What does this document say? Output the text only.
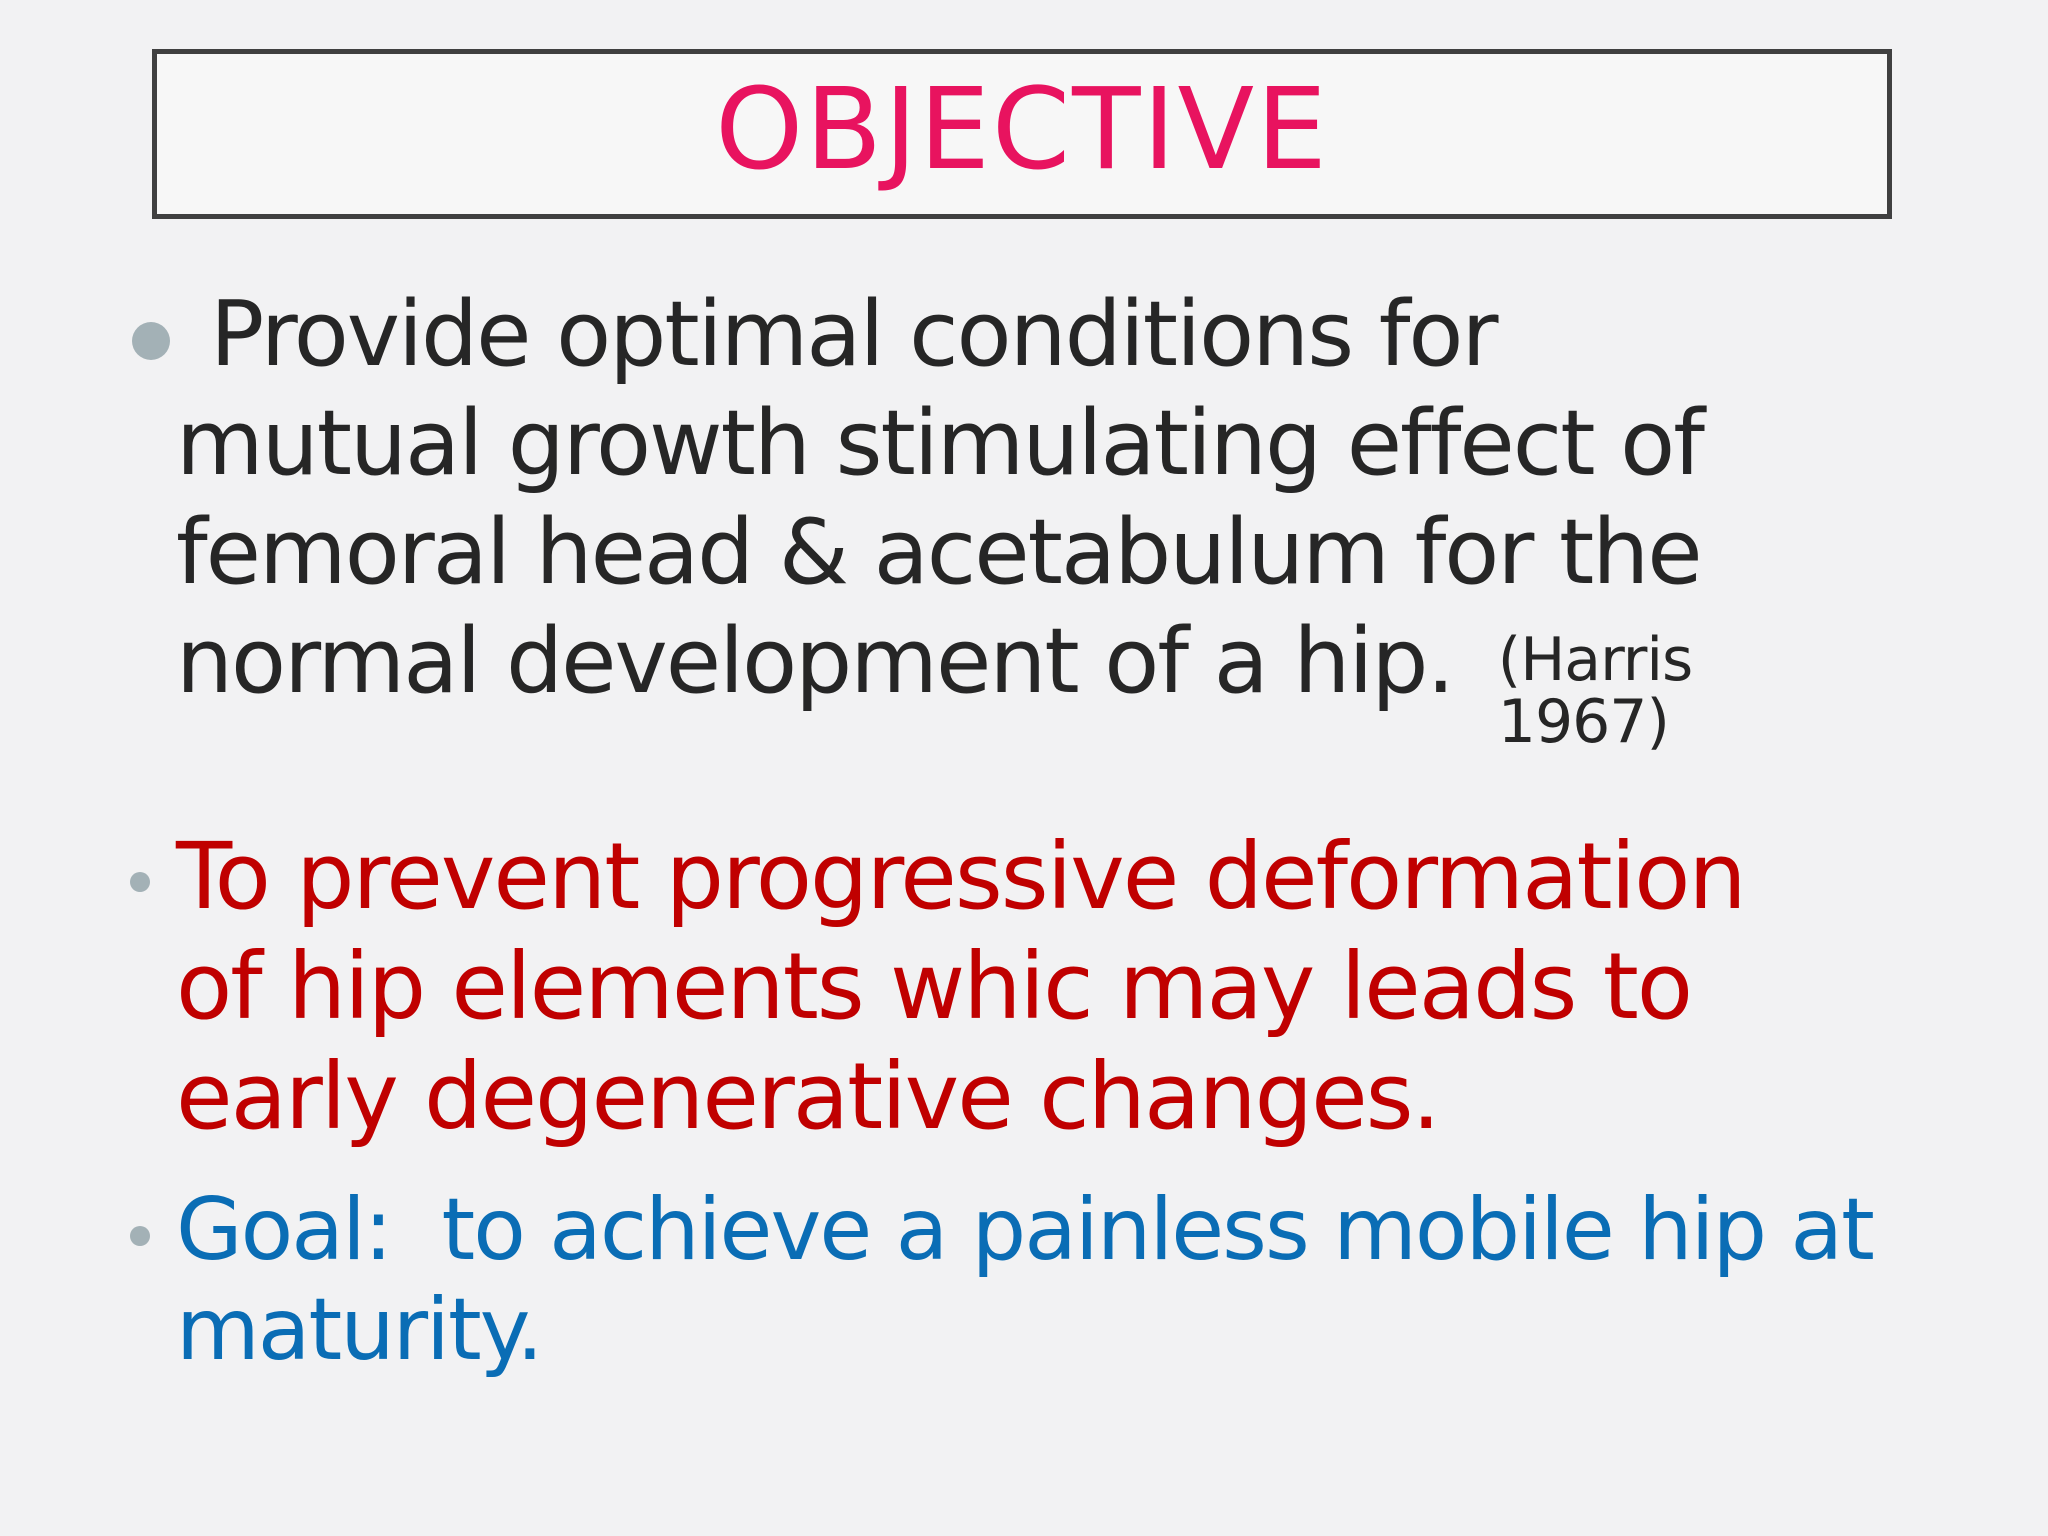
OBJECTIVE
Provide optimal conditions for
mutual growth stimulating effect of
femoral head & acetabulum for the
normal development of a hip. (Harris 1967)
To prevent progressive deformation
of hip elements whic may leads to
early degenerative changes.
Goal:  to achieve a painless mobile hip at
maturity.
